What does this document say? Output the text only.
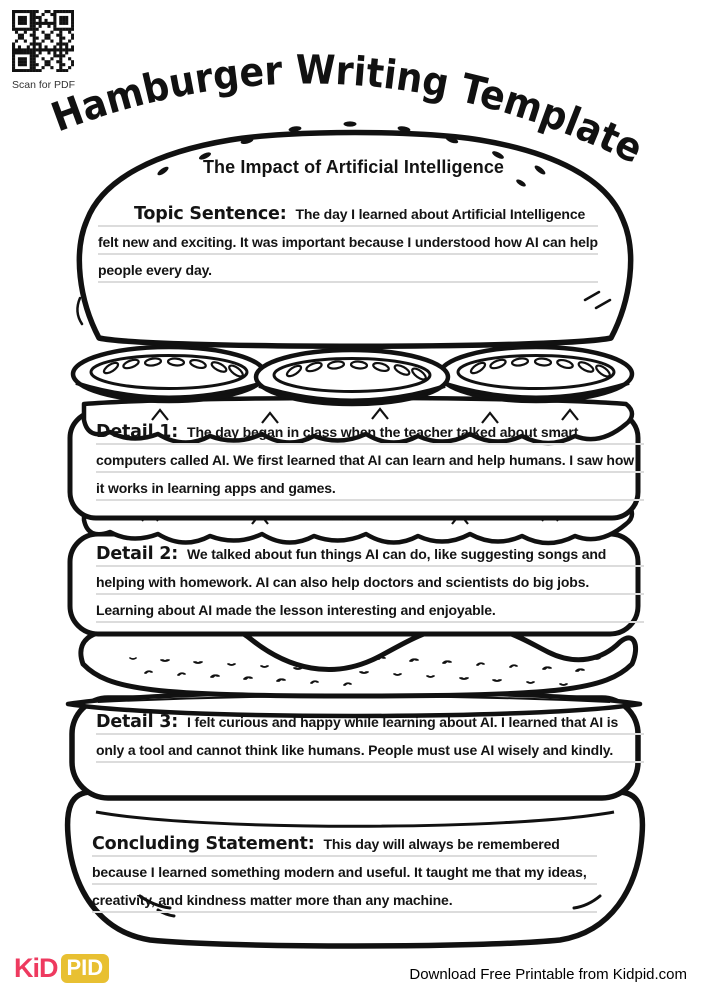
Scan for PDF
Hamburger Writing Template
The Impact of Artificial Intelligence
Topic Sentence: The day I learned about Artificial Intelligence felt new and exciting. It was important because I understood how AI can help people every day.
Detail 1: The day began in class when the teacher talked about smart computers called AI. We first learned that AI can learn and help humans. I saw how it works in learning apps and games.
Detail 2: We talked about fun things AI can do, like suggesting songs and helping with homework. AI can also help doctors and scientists do big jobs. Learning about AI made the lesson interesting and enjoyable.
Detail 3: I felt curious and happy while learning about AI. I learned that AI is only a tool and cannot think like humans. People must use AI wisely and kindly.
Concluding Statement: This day will always be remembered because I learned something modern and useful. It taught me that my ideas, creativity, and kindness matter more than any machine.
KiD PID	Download Free Printable from Kidpid.com
